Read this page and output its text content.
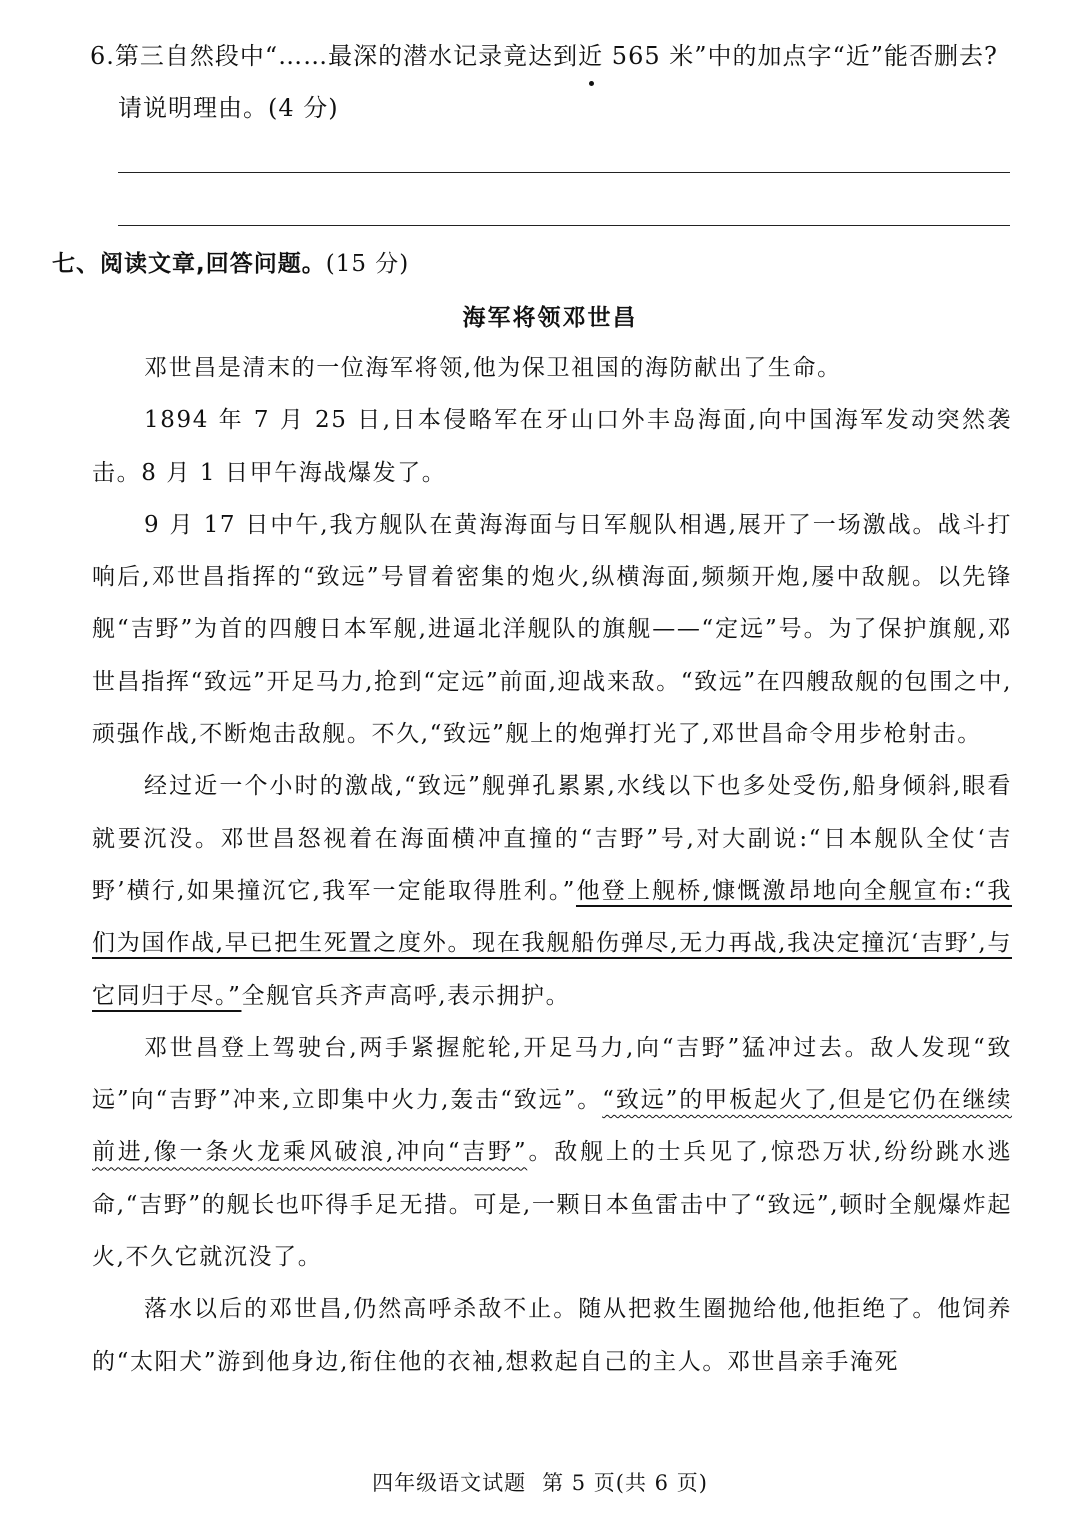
6.第三自然段中“……最深的潜水记录竟达到近 565 米”中的加点字“近”能否删去?
请说明理由。(4 分)
七、阅读文章,回答问题。(15 分)
海军将领邓世昌

邓世昌是清末的一位海军将领,他为保卫祖国的海防献出了生命。

1894 年 7 月 25 日,日本侵略军在牙山口外丰岛海面,向中国海军发动突然袭击。8 月 1 日甲午海战爆发了。

9 月 17 日中午,我方舰队在黄海海面与日军舰队相遇,展开了一场激战。战斗打响后,邓世昌指挥的“致远”号冒着密集的炮火,纵横海面,频频开炮,屡中敌舰。以先锋舰“吉野”为首的四艘日本军舰,进逼北洋舰队的旗舰——“定远”号。为了保护旗舰,邓世昌指挥“致远”开足马力,抢到“定远”前面,迎战来敌。“致远”在四艘敌舰的包围之中,顽强作战,不断炮击敌舰。不久,“致远”舰上的炮弹打光了,邓世昌命令用步枪射击。

经过近一个小时的激战,“致远”舰弹孔累累,水线以下也多处受伤,船身倾斜,眼看就要沉没。邓世昌怒视着在海面横冲直撞的“吉野”号,对大副说:“日本舰队全仗‘吉野’横行,如果撞沉它,我军一定能取得胜利。”他登上舰桥,慷慨激昂地向全舰宣布:“我们为国作战,早已把生死置之度外。现在我舰船伤弹尽,无力再战,我决定撞沉‘吉野’,与它同归于尽。”全舰官兵齐声高呼,表示拥护。

邓世昌登上驾驶台,两手紧握舵轮,开足马力,向“吉野”猛冲过去。敌人发现“致远”向“吉野”冲来,立即集中火力,轰击“致远”。“致远”的甲板起火了,但是它仍在继续前进,像一条火龙乘风破浪,冲向“吉野”。敌舰上的士兵见了,惊恐万状,纷纷跳水逃命,“吉野”的舰长也吓得手足无措。可是,一颗日本鱼雷击中了“致远”,顿时全舰爆炸起火,不久它就沉没了。

落水以后的邓世昌,仍然高呼杀敌不止。随从把救生圈抛给他,他拒绝了。他饲养的“太阳犬”游到他身边,衔住他的衣袖,想救起自己的主人。邓世昌亲手淹死

四年级语文试题 第 5 页(共 6 页)
